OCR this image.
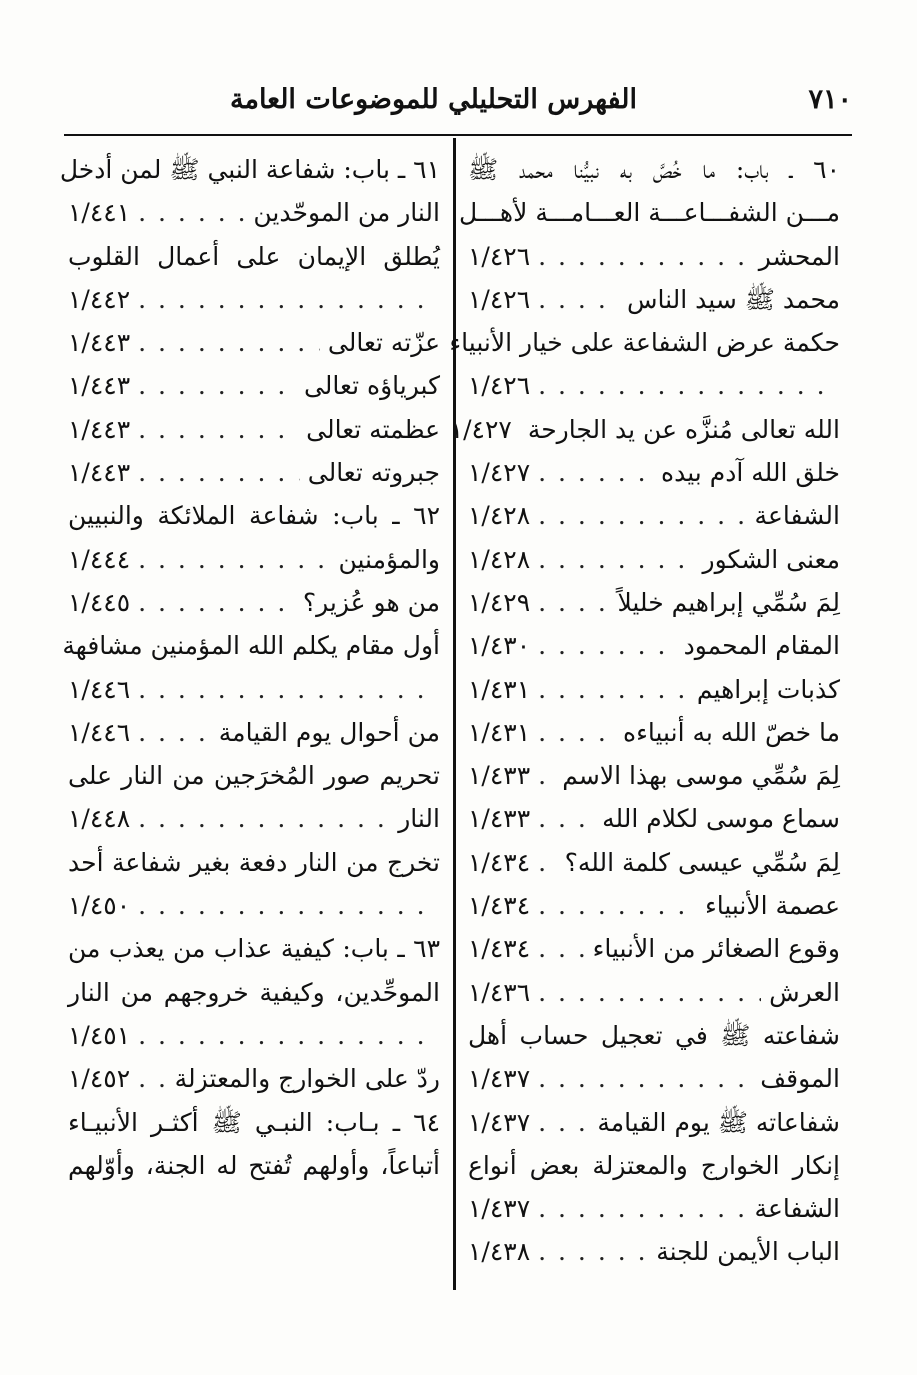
٧١٠
الفهرس التحليلي للموضوعات العامة
٦٠ ـ باب: ما خُصَّ به نبيُّنا محمد ﷺ
مـــن الشفـــاعـــة العـــامـــة لأهـــل
المحشر
. . .
١/٤٢٦
محمد ﷺ سيد الناس
. . .
١/٤٢٦
حكمة عرض الشفاعة على خيار الأنبياء
. . .
١/٤٢٦
الله تعالى مُنزَّه عن يد الجارحة
١/٤٢٧
خلق الله آدم بيده
. . .
١/٤٢٧
الشفاعة
. . .
١/٤٢٨
معنى الشكور
. . .
١/٤٢٨
لِمَ سُمِّي إبراهيم خليلاً
. . .
١/٤٢٩
المقام المحمود
. . .
١/٤٣٠
كذبات إبراهيم
. . .
١/٤٣١
ما خصّ الله به أنبياءه
. . .
١/٤٣١
لِمَ سُمِّي موسى بهذا الاسم
. . .
١/٤٣٣
سماع موسى لكلام الله
. . .
١/٤٣٣
لِمَ سُمِّي عيسى كلمة الله؟
. . .
١/٤٣٤
عصمة الأنبياء
. . .
١/٤٣٤
وقوع الصغائر من الأنبياء
. . .
١/٤٣٤
العرش
. . .
١/٤٣٦
شفاعته ﷺ في تعجيل حساب أهل
الموقف
. . .
١/٤٣٧
شفاعاته ﷺ يوم القيامة
. . .
١/٤٣٧
إنكار الخوارج والمعتزلة بعض أنواع
الشفاعة
. . .
١/٤٣٧
الباب الأيمن للجنة
. . .
١/٤٣٨
٦١ ـ باب: شفاعة النبي ﷺ لمن أدخل
النار من الموحّدين
. . .
١/٤٤١
يُطلق الإيمان على أعمال القلوب
. . .
١/٤٤٢
عزّته تعالى
. . .
١/٤٤٣
كبرياؤه تعالى
. . .
١/٤٤٣
عظمته تعالى
. . .
١/٤٤٣
جبروته تعالى
. . .
١/٤٤٣
٦٢ ـ باب: شفاعة الملائكة والنبيين
والمؤمنين
. . .
١/٤٤٤
من هو عُزير؟
. . .
١/٤٤٥
أول مقام يكلم الله المؤمنين مشافهة
. . .
١/٤٤٦
من أحوال يوم القيامة
. . .
١/٤٤٦
تحريم صور المُخرَجين من النار على
النار
. . .
١/٤٤٨
تخرج من النار دفعة بغير شفاعة أحد
. . .
١/٤٥٠
٦٣ ـ باب: كيفية عذاب من يعذب من
الموحِّدين، وكيفية خروجهم من النار
. . .
١/٤٥١
ردّ على الخوارج والمعتزلة
. . .
١/٤٥٢
٦٤ ـ بـاب: النبـي ﷺ أكثـر الأنبيـاء
أتباعاً، وأولهم تُفتح له الجنة، وأوّلهم
